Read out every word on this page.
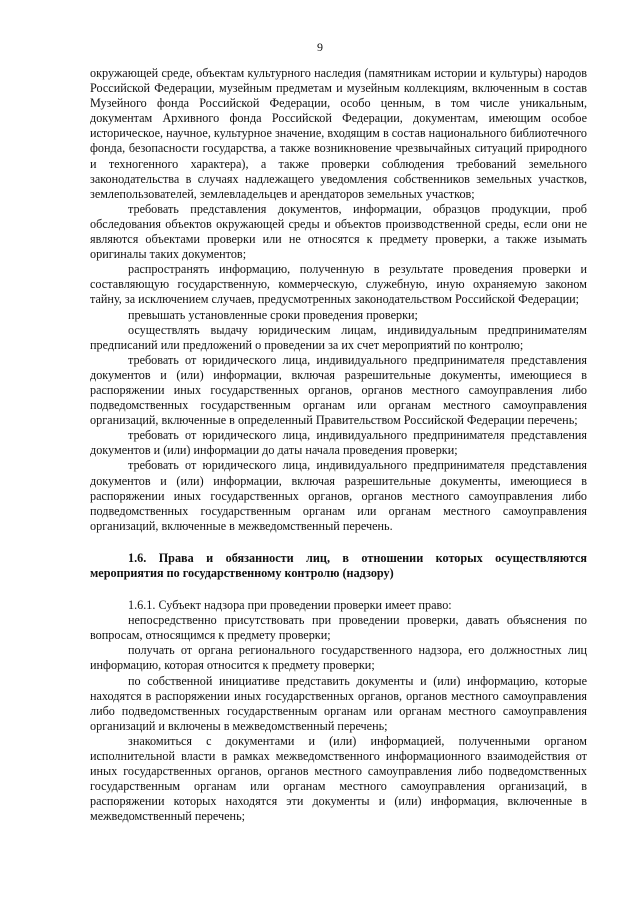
9

окружающей среде, объектам культурного наследия (памятникам истории и культуры) народов Российской Федерации, музейным предметам и музейным коллекциям, включенным в состав Музейного фонда Российской Федерации, особо ценным, в том числе уникальным, документам Архивного фонда Российской Федерации, документам, имеющим особое историческое, научное, культурное значение, входящим в состав национального библиотечного фонда, безопасности государства, а также возникновение чрезвычайных ситуаций природного и техногенного характера), а также проверки соблюдения требований земельного законодательства в случаях надлежащего уведомления собственников земельных участков, землепользователей, землевладельцев и арендаторов земельных участков;

требовать представления документов, информации, образцов продукции, проб обследования объектов окружающей среды и объектов производственной среды, если они не являются объектами проверки или не относятся к предмету проверки, а также изымать оригиналы таких документов;

распространять информацию, полученную в результате проведения проверки и составляющую государственную, коммерческую, служебную, иную охраняемую законом тайну, за исключением случаев, предусмотренных законодательством Российской Федерации;

превышать установленные сроки проведения проверки;

осуществлять выдачу юридическим лицам, индивидуальным предпринимателям предписаний или предложений о проведении за их счет мероприятий по контролю;

требовать от юридического лица, индивидуального предпринимателя представления документов и (или) информации, включая разрешительные документы, имеющиеся в распоряжении иных государственных органов, органов местного самоуправления либо подведомственных государственным органам или органам местного самоуправления организаций, включенные в определенный Правительством Российской Федерации перечень;

требовать от юридического лица, индивидуального предпринимателя представления документов и (или) информации до даты начала проведения проверки;

требовать от юридического лица, индивидуального предпринимателя представления документов и (или) информации, включая разрешительные документы, имеющиеся в распоряжении иных государственных органов, органов местного самоуправления либо подведомственных государственным органам или органам местного самоуправления организаций, включенные в межведомственный перечень.

1.6. Права и обязанности лиц, в отношении которых осуществляются мероприятия по государственному контролю (надзору)

1.6.1. Субъект надзора при проведении проверки имеет право:

непосредственно присутствовать при проведении проверки, давать объяснения по вопросам, относящимся к предмету проверки;

получать от органа регионального государственного надзора, его должностных лиц информацию, которая относится к предмету проверки;

по собственной инициативе представить документы и (или) информацию, которые находятся в распоряжении иных государственных органов, органов местного самоуправления либо подведомственных государственным органам или органам местного самоуправления организаций и включены в межведомственный перечень;

знакомиться с документами и (или) информацией, полученными органом исполнительной власти в рамках межведомственного информационного взаимодействия от иных государственных органов, органов местного самоуправления либо подведомственных государственным органам или органам местного самоуправления организаций, в распоряжении которых находятся эти документы и (или) информация, включенные в межведомственный перечень;
